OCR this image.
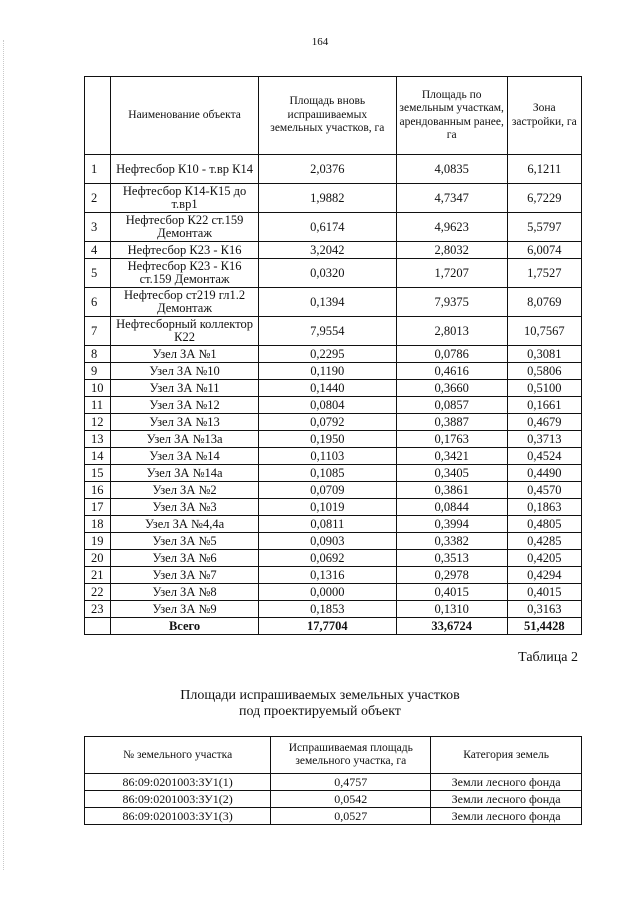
164
	Наименование объекта	Площадь вновь испрашиваемых земельных участков, га	Площадь по земельным участкам, арендованным ранее, га	Зона застройки, га
1	Нефтесбор К10 - т.вр К14	2,0376	4,0835	6,1211
2	Нефтесбор К14-К15 до т.вр1	1,9882	4,7347	6,7229
3	Нефтесбор К22 ст.159 Демонтаж	0,6174	4,9623	5,5797
4	Нефтесбор К23 - К16	3,2042	2,8032	6,0074
5	Нефтесбор К23 - К16 ст.159 Демонтаж	0,0320	1,7207	1,7527
6	Нефтесбор ст219 гл1.2 Демонтаж	0,1394	7,9375	8,0769
7	Нефтесборный коллектор К22	7,9554	2,8013	10,7567
8	Узел ЗА №1	0,2295	0,0786	0,3081
9	Узел ЗА №10	0,1190	0,4616	0,5806
10	Узел ЗА №11	0,1440	0,3660	0,5100
11	Узел ЗА №12	0,0804	0,0857	0,1661
12	Узел ЗА №13	0,0792	0,3887	0,4679
13	Узел ЗА №13а	0,1950	0,1763	0,3713
14	Узел ЗА №14	0,1103	0,3421	0,4524
15	Узел ЗА №14а	0,1085	0,3405	0,4490
16	Узел ЗА №2	0,0709	0,3861	0,4570
17	Узел ЗА №3	0,1019	0,0844	0,1863
18	Узел ЗА №4,4а	0,0811	0,3994	0,4805
19	Узел ЗА №5	0,0903	0,3382	0,4285
20	Узел ЗА №6	0,0692	0,3513	0,4205
21	Узел ЗА №7	0,1316	0,2978	0,4294
22	Узел ЗА №8	0,0000	0,4015	0,4015
23	Узел ЗА №9	0,1853	0,1310	0,3163
	Всего	17,7704	33,6724	51,4428
Таблица 2
Площади испрашиваемых земельных участков
под проектируемый объект
№ земельного участка	Испрашиваемая площадь земельного участка, га	Категория земель
86:09:0201003:ЗУ1(1)	0,4757	Земли лесного фонда
86:09:0201003:ЗУ1(2)	0,0542	Земли лесного фонда
86:09:0201003:ЗУ1(3)	0,0527	Земли лесного фонда
